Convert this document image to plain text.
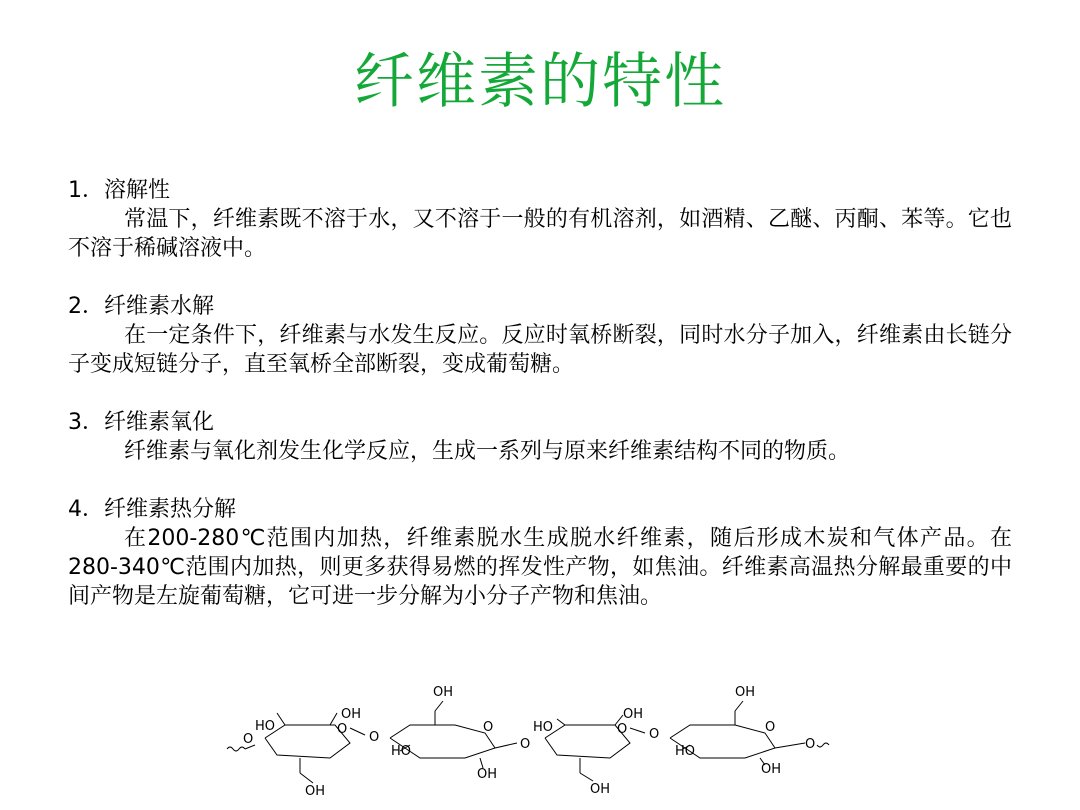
纤维素的特性
1．溶解性
常温下，纤维素既不溶于水，又不溶于一般的有机溶剂，如酒精、乙醚、丙酮、苯等。它也不溶于稀碱溶液中。
2．纤维素水解
在一定条件下，纤维素与水发生反应。反应时氧桥断裂，同时水分子加入，纤维素由长链分子变成短链分子，直至氧桥全部断裂，变成葡萄糖。
3．纤维素氧化
纤维素与氧化剂发生化学反应，生成一系列与原来纤维素结构不同的物质。
4．纤维素热分解
在200-280℃范围内加热，纤维素脱水生成脱水纤维素，随后形成木炭和气体产品。在280-340℃范围内加热，则更多获得易燃的挥发性产物，如焦油。纤维素高温热分解最重要的中间产物是左旋葡萄糖，它可进一步分解为小分子产物和焦油。
O
O
HO
OH
OH
O
O
OH
HO
OH
O
O
HO
OH
OH
O	O
OH
HO
OH
O
